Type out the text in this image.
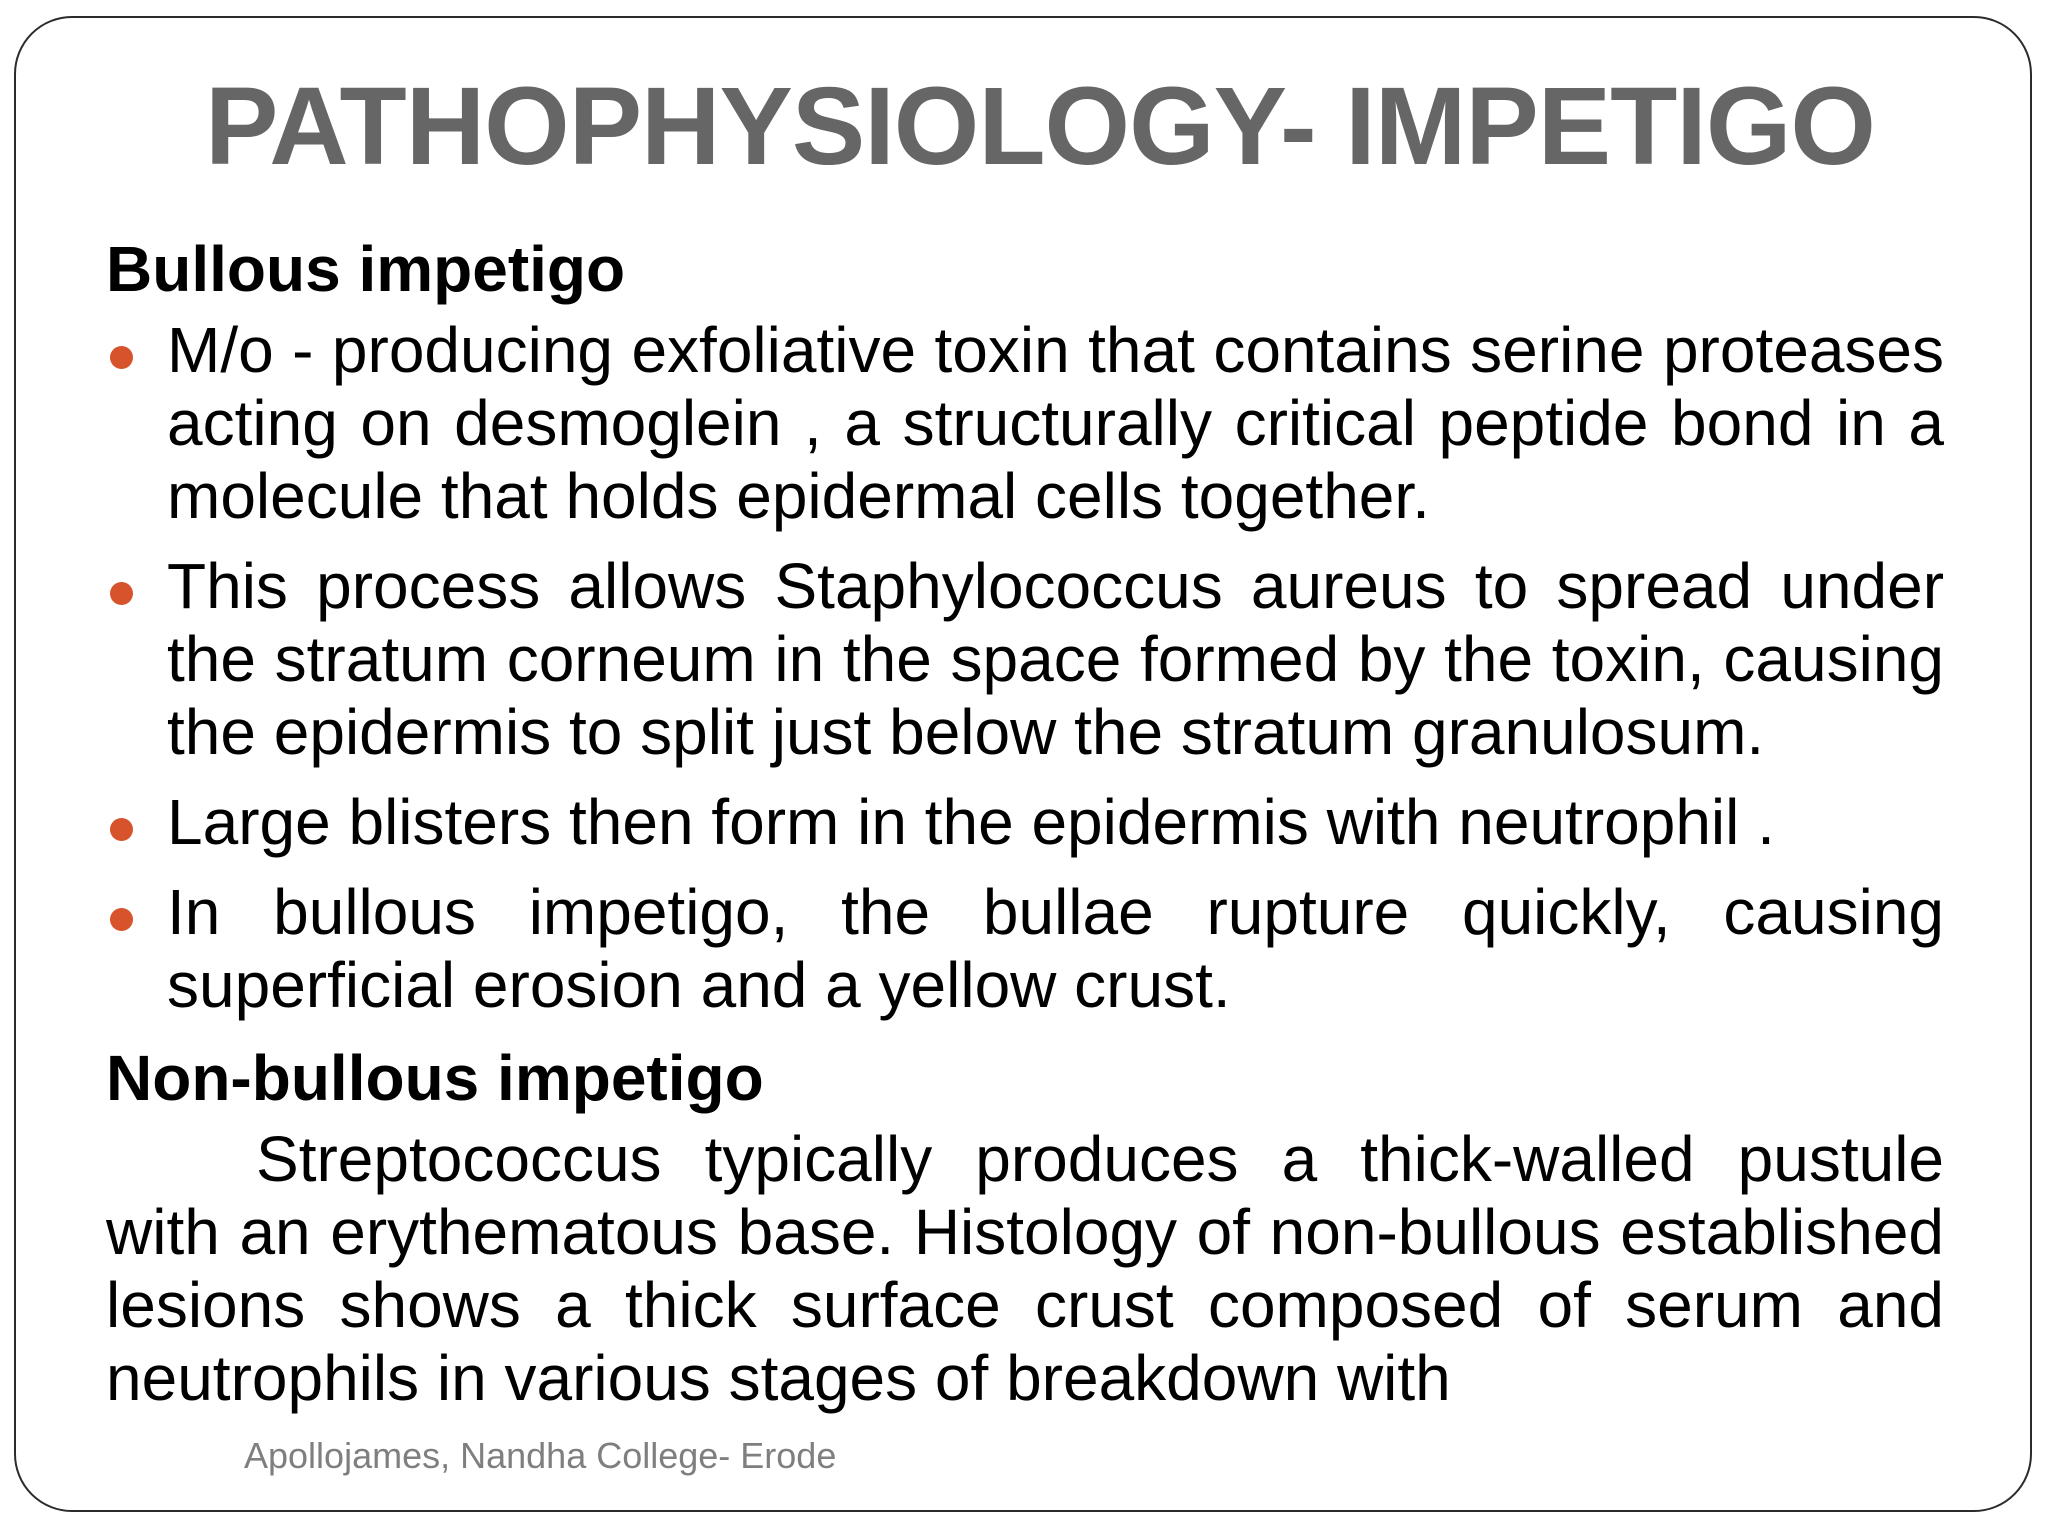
PATHOPHYSIOLOGY- IMPETIGO

Bullous impetigo

M/o - producing exfoliative toxin that contains serine proteases acting on desmoglein , a structurally critical peptide bond in a molecule that holds epidermal cells together.
This process allows Staphylococcus aureus to spread under the stratum corneum in the space formed by the toxin, causing the epidermis to split just below the stratum granulosum.
Large blisters then form in the epidermis with neutrophil .
In bullous impetigo, the bullae rupture quickly, causing superficial erosion and a yellow crust.

Non-bullous impetigo

Streptococcus typically produces a thick-walled pustule with an erythematous base. Histology of non-bullous established lesions shows a thick surface crust composed of serum and neutrophils in various stages of breakdown with

Apollojames, Nandha College- Erode
